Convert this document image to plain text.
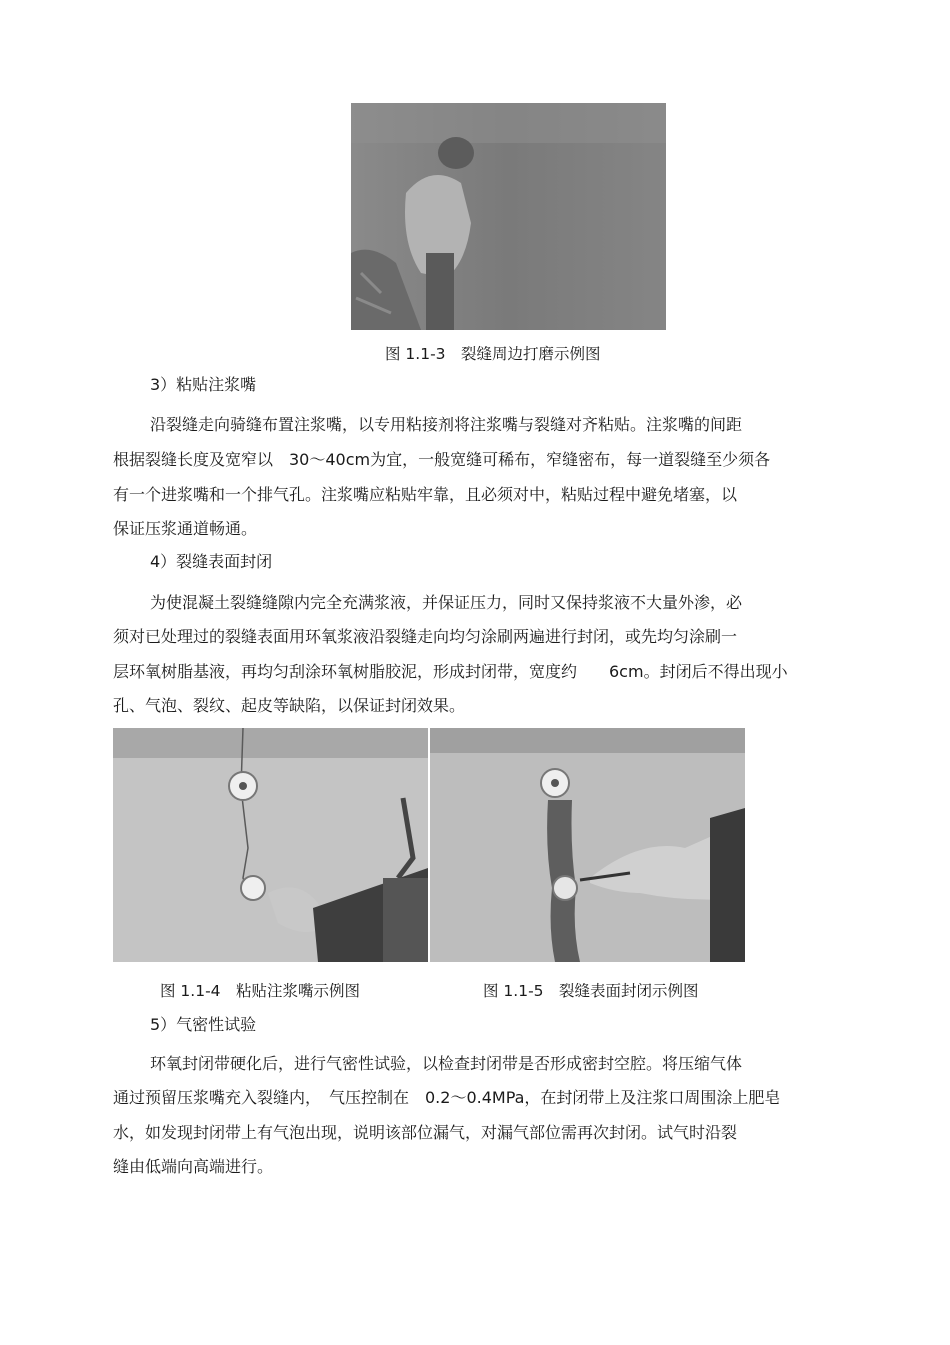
图 1.1-3　裂缝周边打磨示例图
3）粘贴注浆嘴
沿裂缝走向骑缝布置注浆嘴，以专用粘接剂将注浆嘴与裂缝对齐粘贴。注浆嘴的间距
根据裂缝长度及宽窄以　30～40cm为宜，一般宽缝可稀布，窄缝密布，每一道裂缝至少须各
有一个进浆嘴和一个排气孔。注浆嘴应粘贴牢靠，且必须对中，粘贴过程中避免堵塞，以
保证压浆通道畅通。
4）裂缝表面封闭
为使混凝土裂缝缝隙内完全充满浆液，并保证压力，同时又保持浆液不大量外渗，必
须对已处理过的裂缝表面用环氧浆液沿裂缝走向均匀涂刷两遍进行封闭，或先均匀涂刷一
层环氧树脂基液，再均匀刮涂环氧树脂胶泥，形成封闭带，宽度约　　6cm。封闭后不得出现小
孔、气泡、裂纹、起皮等缺陷，以保证封闭效果。
图 1.1-4　粘贴注浆嘴示例图	图 1.1-5　裂缝表面封闭示例图
5）气密性试验
环氧封闭带硬化后，进行气密性试验，以检查封闭带是否形成密封空腔。将压缩气体
通过预留压浆嘴充入裂缝内，　气压控制在　0.2～0.4MPa，在封闭带上及注浆口周围涂上肥皂
水，如发现封闭带上有气泡出现，说明该部位漏气，对漏气部位需再次封闭。试气时沿裂
缝由低端向高端进行。
